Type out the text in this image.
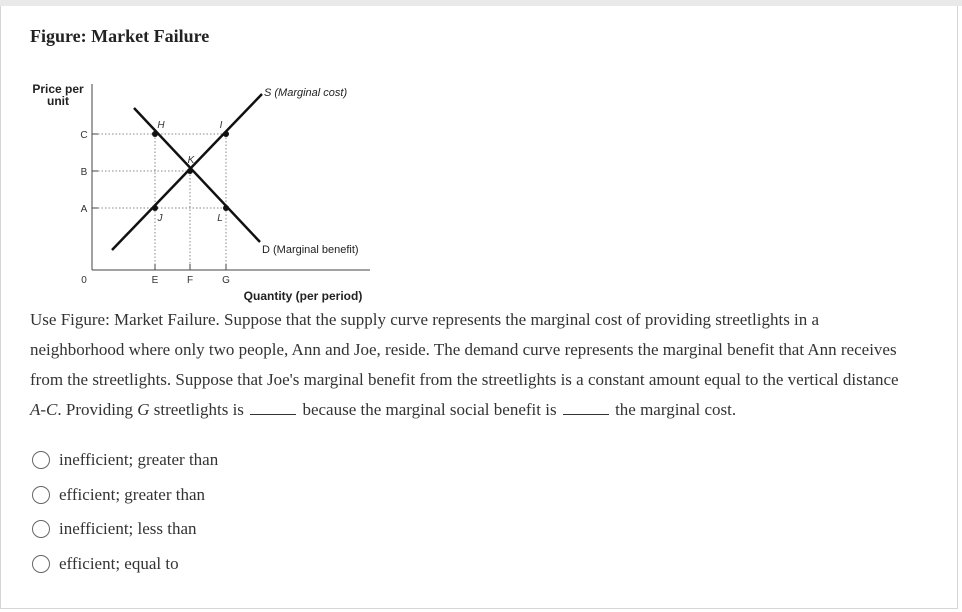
Figure: Market Failure
Price per
unit
C
B
A
0	E	F	G
H	I
K
J	L
S (Marginal cost)
D (Marginal benefit)
Quantity (per period)
Use Figure: Market Failure. Suppose that the supply curve represents the marginal cost of providing streetlights in a neighborhood where only two people, Ann and Joe, reside. The demand curve represents the marginal benefit that Ann receives from the streetlights. Suppose that Joe's marginal benefit from the streetlights is a constant amount equal to the vertical distance A-C. Providing G streetlights is	because the marginal social benefit is	the marginal cost.
inefficient; greater than
efficient; greater than
inefficient; less than
efficient; equal to
